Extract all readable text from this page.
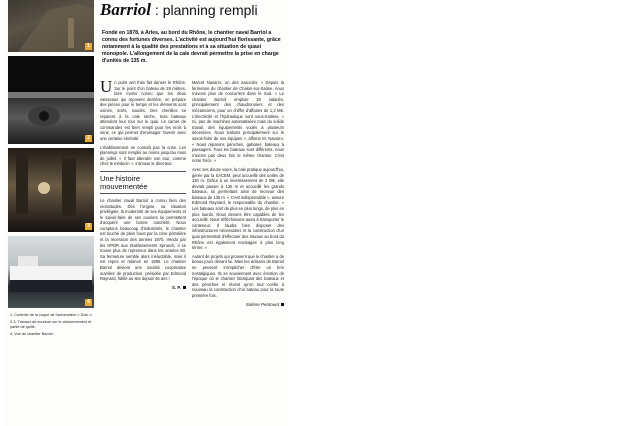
1
2
3
4

1. Contrôle de la coque de l'automoteur « Dolo ».

2-3. Travaux de soudure sur le cloisonnement et partie de quille.

4. Vue du chantier Barriol.

Barriol : planning rempli
Fondé en 1878, à Arles, au bord du Rhône, le chantier naval Barriol a connu des fortunes diverses. L'activité est aujourd'hui florissante, grâce notamment à la qualité des prestations et à sa situation de quasi monopole. L'allongement de la cale devrait permettre la prise en charge d'unités de 135 m.

Un point vert frais fait danser le Rhône. Sur le point d'un bateau de 28 mètres, bien moins connu que les deux vaisseaux qui reposent derrière, on prépare des pièces pour le temps et les éléments sont usinés, sciés, soudés. Des chenilles se réparent à la cale sèche, trois bateaux attendent leur tour sur le quai. Le carnet de commandes est bien rempli pour les mois à venir, ce qui permet d'envisager l'avenir avec une certaine sérénité.

L'établissement ne connaît pas la crise. Les plannings sont remplis au moins jusqu'au mois de juillet. « Il faut attendre son tour, comme chez le médecin », s'amuse le directeur.

Une histoire mouvementée

Le chantier naval Barriol a connu bien des vicissitudes. Dès l'origine, sa situation privilégiée, la modernité de ses équipements et le savoir-faire de ses ouvriers lui permettent d'acquérir une bonne notoriété. Nous comptons beaucoup d'industriels, le chantier est touché de plein fouet par la crise pétrolière et la récession des années 1970. Vendu par les HPDR aux établissements Sprunck, il se trouve plus de repreneur dans les années 80. Sa fermeture semble alors inéluctable, mais il est repris et relancé en 1986. Le chantier Barriol devient une société coopérative ouvrière de production, présidée par Edmond Raynard, fidèle au site depuis 46 ans !

S. P.

Marcel Navarro, un des associés. « Depuis la fermeture du chantier de Chalon-sur-Saône, nous n'avons plus de concurrent dans le Sud. » Le chantier Barriol emploie 20 salariés, principalement des chaudronniers et des mécaniciens, pour un chiffre d'affaires de 1,2 M€. L'électricité et l'hydraulique sont sous-traitées. « Ici, pas de machines automatisées mais du solide travail, des équipements voués à plusieurs décennies. Nous traitons principalement sur le savoir-faire de nos équipes », affirme M. Navarro. « Nous réparons péniches, gabares, bateaux à passagers. Tous les bateaux sont différents, nous n'avons pas deux fois le même chantier. C'est notre force. »

Avec ses douze voies, la cale pratique aujourd'hui, gérée par la SACEM, peut accueillir des unités de 120 m. Grâce à un investissement de 2 M€, elle devrait passer à 135 m et accueillir les grands bateaux, lui permettant ainsi de recevoir des bateaux de 135 m. « C'est indispensable », assure Edmond Raynard, le responsable du chantier. « Les bateaux sont de plus en plus longs, de plus en plus lourds. Nous devons être capables de les accueillir. Nous réfléchissons aussi à transporter le conteneur. Il faudra bien disposer des infrastructures nécessaires et la construction d'un quai permettrait d'effectuer des travaux au bord du Rhône est également envisagée à plus long terme. »

Autant de projets qui prouvent que le chantier a de beaux jours devant lui. Mais les artisans de Barriol ne peuvent s'empêcher d'être un brin nostalgiques. Ils se souviennent avec émotion de l'époque où le chantier fabriquait des bateaux et des péniches et rêvent qu'on leur confie à nouveau la construction d'un bateau pour la toute première fois.

Solène Pentouet
